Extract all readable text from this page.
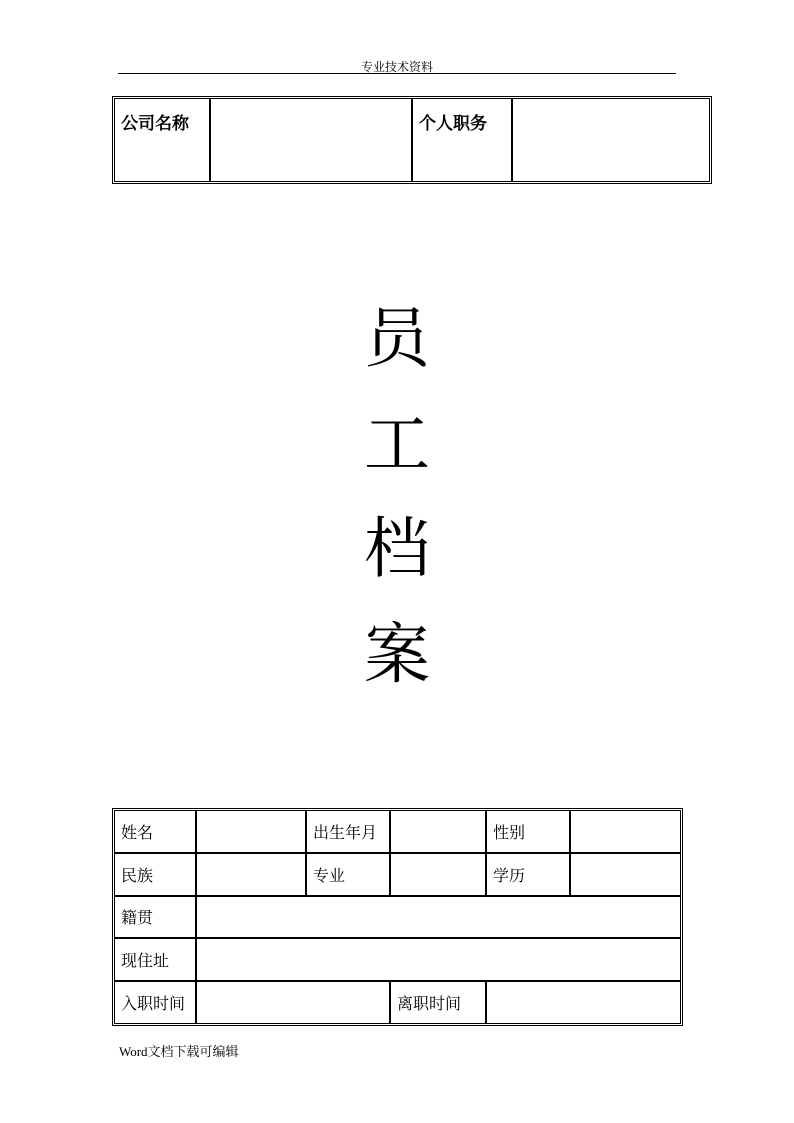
专业技术资料
公司名称		个人职务	
员
工
档
案
姓名		出生年月		性别	
民族		专业		学历	
籍贯					
现住址					
入职时间			离职时间		
Word文档下载可编辑
